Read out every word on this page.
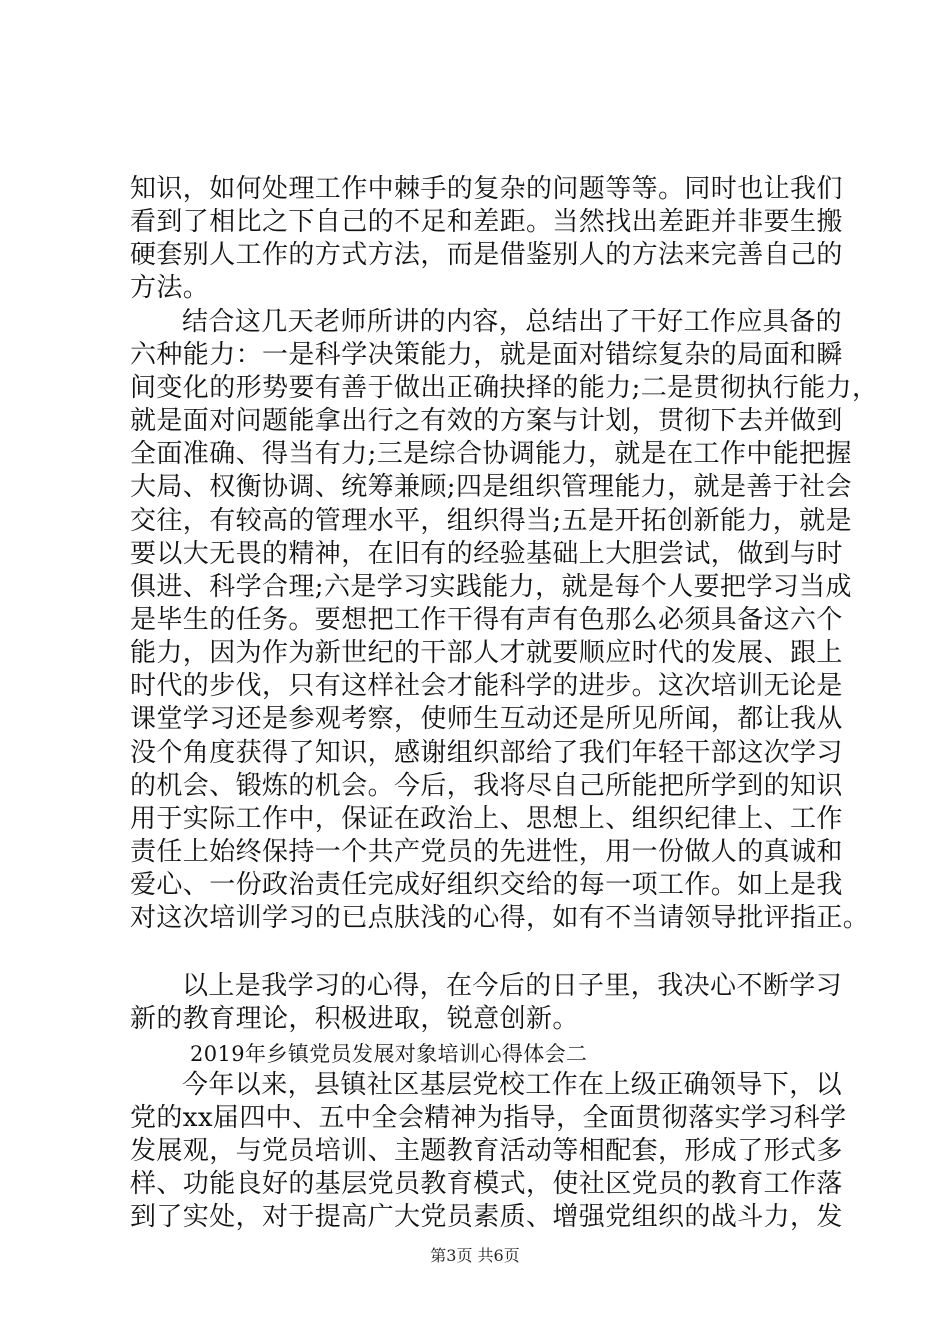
知识，如何处理工作中棘手的复杂的问题等等。同时也让我们
看到了相比之下自己的不足和差距。当然找出差距并非要生搬
硬套别人工作的方式方法，而是借鉴别人的方法来完善自己的
方法。
结合这几天老师所讲的内容，总结出了干好工作应具备的
六种能力：一是科学决策能力，就是面对错综复杂的局面和瞬
间变化的形势要有善于做出正确抉择的能力;二是贯彻执行能力，
就是面对问题能拿出行之有效的方案与计划，贯彻下去并做到
全面准确、得当有力;三是综合协调能力，就是在工作中能把握
大局、权衡协调、统筹兼顾;四是组织管理能力，就是善于社会
交往，有较高的管理水平，组织得当;五是开拓创新能力，就是
要以大无畏的精神，在旧有的经验基础上大胆尝试，做到与时
俱进、科学合理;六是学习实践能力，就是每个人要把学习当成
是毕生的任务。要想把工作干得有声有色那么必须具备这六个
能力，因为作为新世纪的干部人才就要顺应时代的发展、跟上
时代的步伐，只有这样社会才能科学的进步。这次培训无论是
课堂学习还是参观考察，使师生互动还是所见所闻，都让我从
没个角度获得了知识，感谢组织部给了我们年轻干部这次学习
的机会、锻炼的机会。今后，我将尽自己所能把所学到的知识
用于实际工作中，保证在政治上、思想上、组织纪律上、工作
责任上始终保持一个共产党员的先进性，用一份做人的真诚和
爱心、一份政治责任完成好组织交给的每一项工作。如上是我
对这次培训学习的已点肤浅的心得，如有不当请领导批评指正。
以上是我学习的心得，在今后的日子里，我决心不断学习
新的教育理论，积极进取，锐意创新。
2019年乡镇党员发展对象培训心得体会二
今年以来，县镇社区基层党校工作在上级正确领导下，以
党的xx届四中、五中全会精神为指导，全面贯彻落实学习科学
发展观，与党员培训、主题教育活动等相配套，形成了形式多
样、功能良好的基层党员教育模式，使社区党员的教育工作落
到了实处，对于提高广大党员素质、增强党组织的战斗力，发
第3页 共6页
